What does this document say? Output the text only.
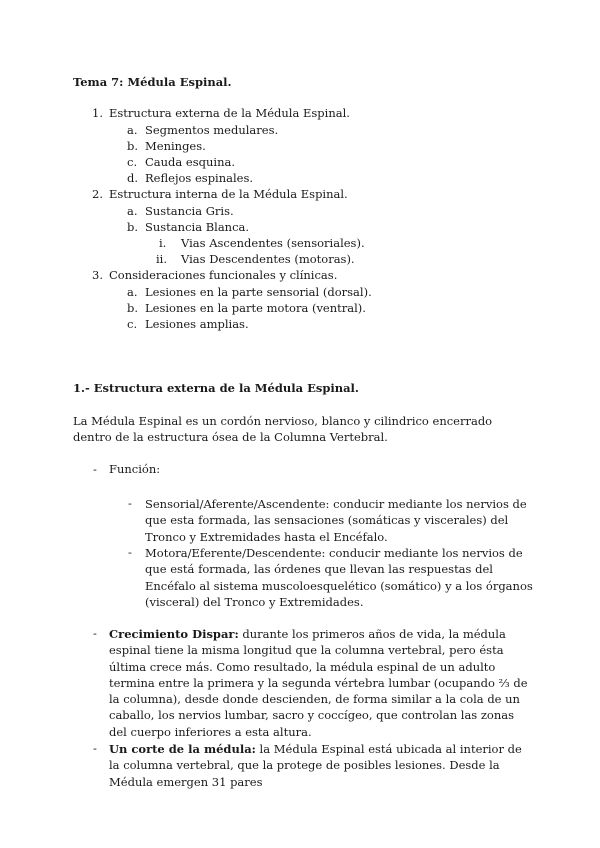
Tema 7: Médula Espinal.
1. Estructura externa de la Médula Espinal.
a. Segmentos medulares.
b. Meninges.
c. Cauda esquina.
d. Reflejos espinales.
2. Estructura interna de la Médula Espinal.
a. Sustancia Gris.
b. Sustancia Blanca.
i. Vias Ascendentes (sensoriales).
ii. Vias Descendentes (motoras).
3. Consideraciones funcionales y clínicas.
a. Lesiones en la parte sensorial (dorsal).
b. Lesiones en la parte motora (ventral).
c. Lesiones amplias.
1.- Estructura externa de la Médula Espinal.
La Médula Espinal es un cordón nervioso, blanco y cilindrico encerrado dentro de la estructura ósea de la Columna Vertebral.
- Función:
- Sensorial/Aferente/Ascendente: conducir mediante los nervios de que esta formada, las sensaciones (somáticas y viscerales) del Tronco y Extremidades hasta el Encéfalo.
- Motora/Eferente/Descendente: conducir mediante los nervios de que está formada, las órdenes que llevan las respuestas del Encéfalo al sistema muscoloesquelético (somático) y a los órganos (visceral) del Tronco y Extremidades.
- Crecimiento Dispar: durante los primeros años de vida, la médula espinal tiene la misma longitud que la columna vertebral, pero ésta última crece más. Como resultado, la médula espinal de un adulto termina entre la primera y la segunda vértebra lumbar (ocupando ⅔ de la columna), desde donde descienden, de forma similar a la cola de un caballo, los nervios lumbar, sacro y coccígeo, que controlan las zonas del cuerpo inferiores a esta altura.
- Un corte de la médula: la Médula Espinal está ubicada al interior de la columna vertebral, que la protege de posibles lesiones. Desde la Médula emergen 31 pares
